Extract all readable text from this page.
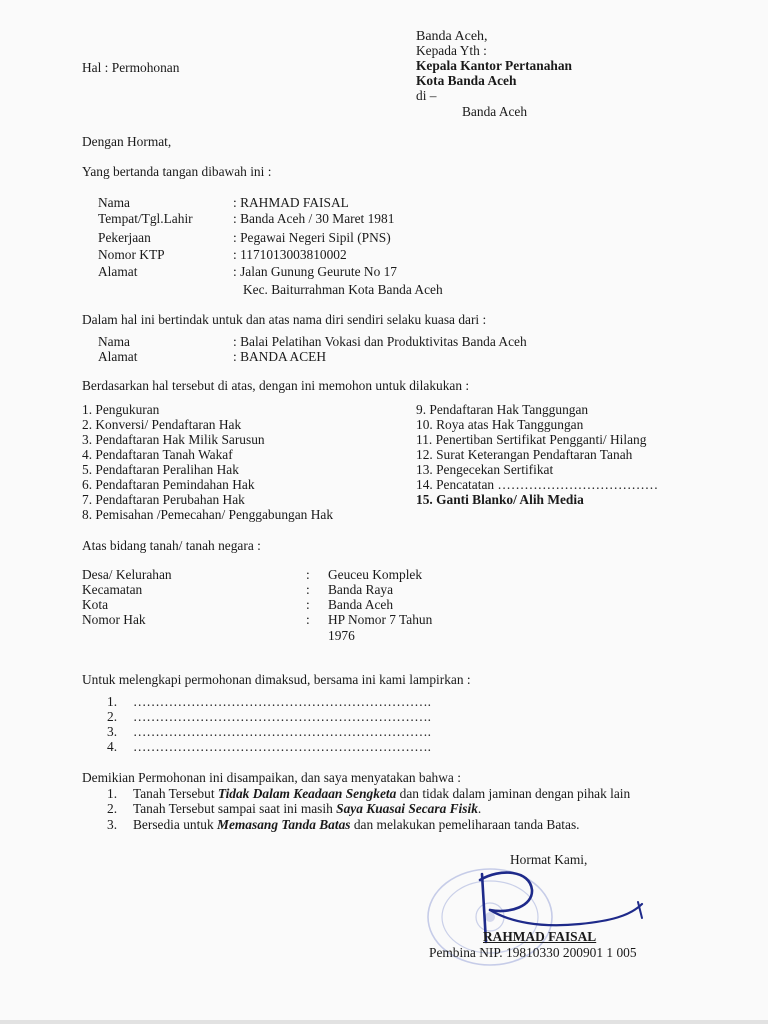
Banda Aceh,
Kepada Yth :
Hal : Permohonan	Kepala Kantor Pertanahan
Kota Banda Aceh
di –
Banda Aceh
Dengan Hormat,
Yang bertanda tangan dibawah ini :
Nama	: RAHMAD FAISAL
Tempat/Tgl.Lahir	: Banda Aceh / 30 Maret 1981
Pekerjaan	: Pegawai Negeri Sipil (PNS)
Nomor KTP	: 1171013003810002
Alamat	: Jalan Gunung Geurute No 17
Kec. Baiturrahman Kota Banda Aceh
Dalam hal ini bertindak untuk dan atas nama diri sendiri selaku kuasa dari :
Nama	: Balai Pelatihan Vokasi dan Produktivitas Banda Aceh
Alamat	: BANDA ACEH
Berdasarkan hal tersebut di atas, dengan ini memohon untuk dilakukan :
1. Pengukuran
2. Konversi/ Pendaftaran Hak
3. Pendaftaran Hak Milik Sarusun
4. Pendaftaran Tanah Wakaf
5. Pendaftaran Peralihan Hak
6. Pendaftaran Pemindahan Hak
7. Pendaftaran Perubahan Hak
8. Pemisahan /Pemecahan/ Penggabungan Hak
9. Pendaftaran Hak Tanggungan
10. Roya atas Hak Tanggungan
11. Penertiban Sertifikat Pengganti/ Hilang
12. Surat Keterangan Pendaftaran Tanah
13. Pengecekan Sertifikat
14. Pencatatan ………………………………
15. Ganti Blanko/ Alih Media
Atas bidang tanah/ tanah negara :
Desa/ Kelurahan	: Geuceu Komplek
Kecamatan	: Banda Raya
Kota	: Banda Aceh
Nomor Hak	: HP Nomor 7 Tahun
1976
Untuk melengkapi permohonan dimaksud, bersama ini kami lampirkan :
1. ………………………………………………………….
2. ………………………………………………………….
3. ………………………………………………………….
4. ………………………………………………………….
Demikian Permohonan ini disampaikan, dan saya menyatakan bahwa :
1. Tanah Tersebut Tidak Dalam Keadaan Sengketa dan tidak dalam jaminan dengan pihak lain
2. Tanah Tersebut sampai saat ini masih Saya Kuasai Secara Fisik.
3. Bersedia untuk Memasang Tanda Batas dan melakukan pemeliharaan tanda Batas.
Hormat Kami,
RAHMAD FAISAL
Pembina NIP. 19810330 200901 1 005
